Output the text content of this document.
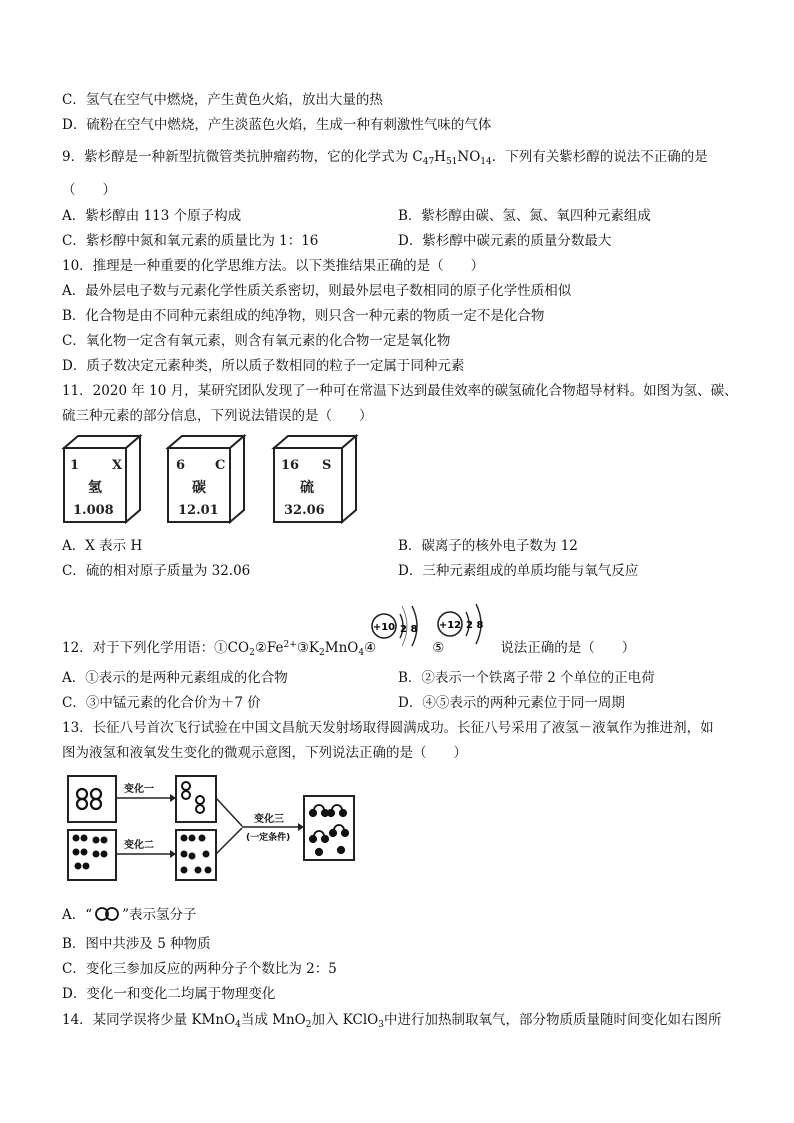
C．氢气在空气中燃烧，产生黄色火焰，放出大量的热
D．硫粉在空气中燃烧，产生淡蓝色火焰，生成一种有刺激性气味的气体
9．紫杉醇是一种新型抗微管类抗肿瘤药物，它的化学式为 $C_{47}H_{51}NO_{14}$．下列有关紫杉醇的说法不正确的是
（　　）
A．紫杉醇由 113 个原子构成	B．紫杉醇由碳、氢、氮、氧四种元素组成
C．紫杉醇中氮和氧元素的质量比为 1：16	D．紫杉醇中碳元素的质量分数最大
10．推理是一种重要的化学思维方法。以下类推结果正确的是（　　）
A．最外层电子数与元素化学性质关系密切，则最外层电子数相同的原子化学性质相似
B．化合物是由不同种元素组成的纯净物，则只含一种元素的物质一定不是化合物
C．氧化物一定含有氧元素，则含有氧元素的化合物一定是氧化物
D．质子数决定元素种类，所以质子数相同的粒子一定属于同种元素
11．2020 年 10 月，某研究团队发现了一种可在常温下达到最佳效率的碳氢硫化合物超导材料。如图为氢、碳、
硫三种元素的部分信息，下列说法错误的是（　　）
1	X
氢
1.008
6 C
碳
12.01
16 S
硫
32.06
A．X 表示 H	B．碳离子的核外电子数为 12
C．硫的相对原子质量为 32.06	D．三种元素组成的单质均能与氧气反应
+10 2 8 +12 2 8
12．对于下列化学用语：$①CO_2②Fe^{2+}③K_2MnO_4④$	⑤	说法正确的是（　　）
A．①表示的是两种元素组成的化合物	B．②表示一个铁离子带 2 个单位的正电荷
C．③中锰元素的化合价为＋7 价	D．④⑤表示的两种元素位于同一周期
13．长征八号首次飞行试验在中国文昌航天发射场取得圆满成功。长征八号采用了液氢－液氧作为推进剂，如
图为液氢和液氧发生变化的微观示意图，下列说法正确的是（　　）
变化一
变化二
变化三
(一定条件)
A．“ ”表示氢分子
B．图中共涉及 5 种物质
C．变化三参加反应的两种分子个数比为 2：5
D．变化一和变化二均属于物理变化
14．某同学误将少量 KMnO$_4$当成 MnO$_2$加入 KClO$_3$中进行加热制取氧气，部分物质质量随时间变化如右图所
